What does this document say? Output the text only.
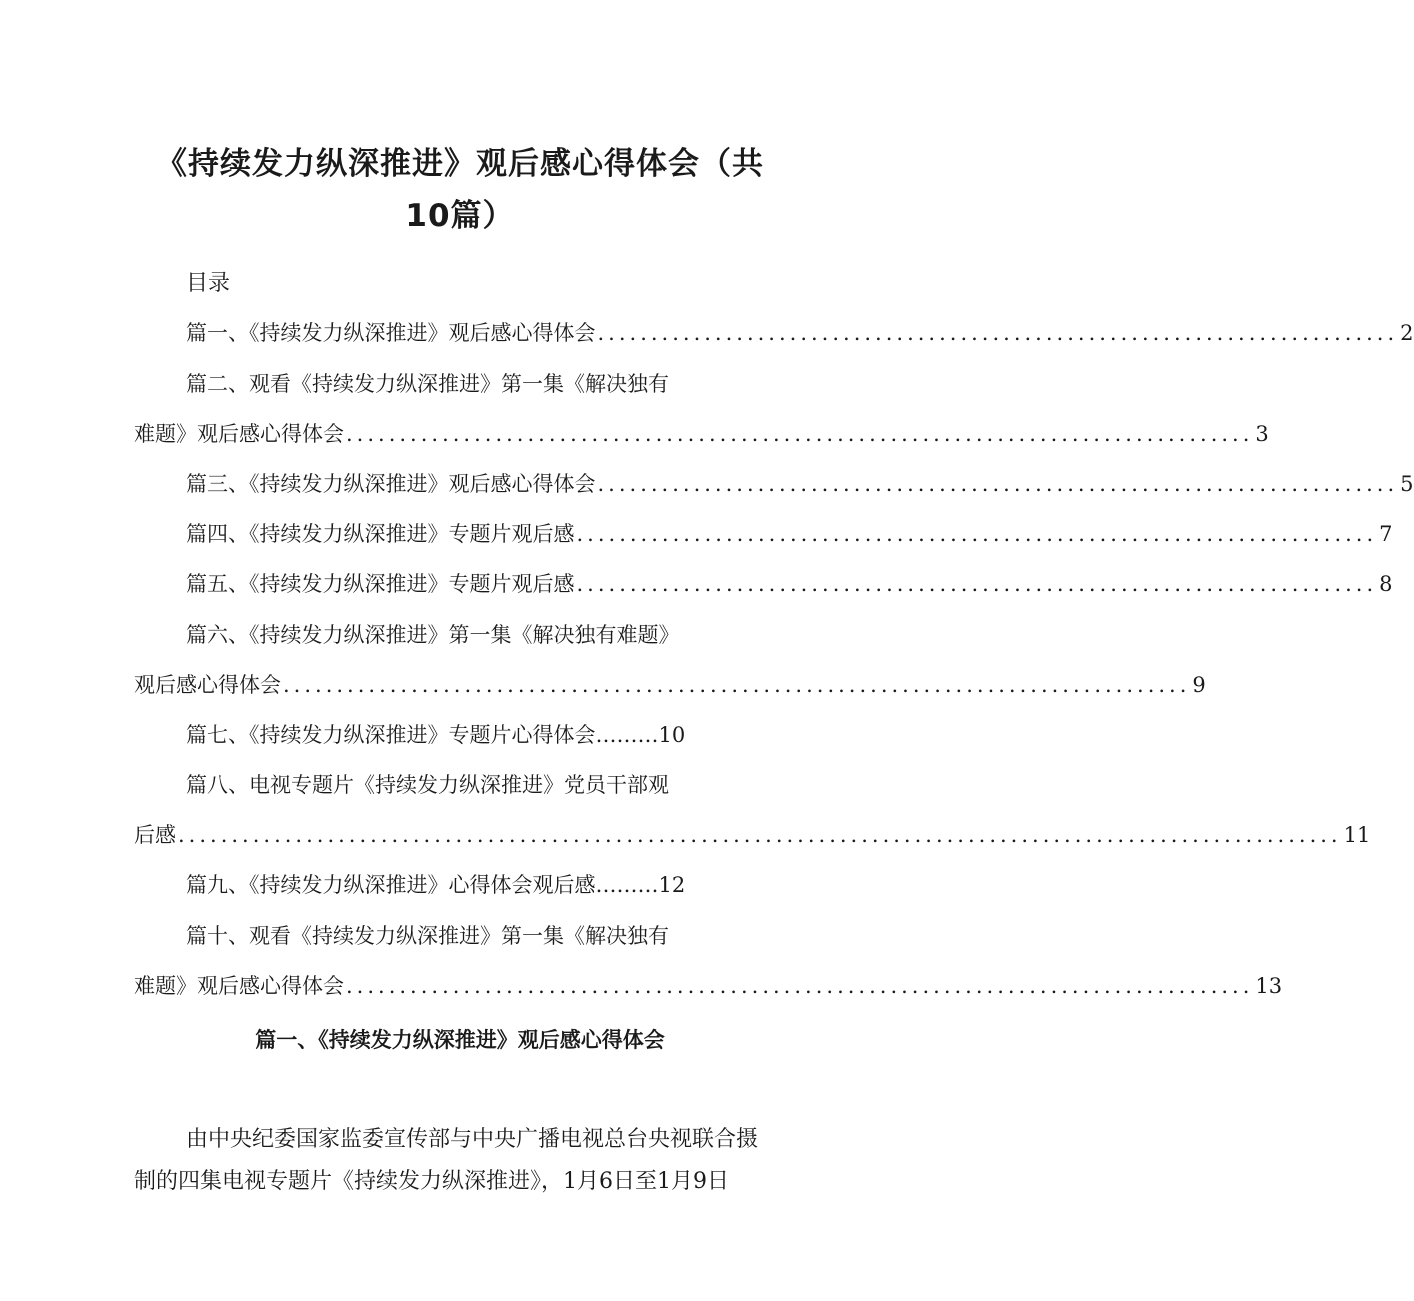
《持续发力纵深推进》观后感心得体会（共
10篇）
目录
篇一、《持续发力纵深推进》观后感心得体会 ........................................................................... 2
篇二、观看《持续发力纵深推进》第一集《解决独有
难题》观后感心得体会 ..................................................................................... 3
篇三、《持续发力纵深推进》观后感心得体会 ........................................................................... 5
篇四、《持续发力纵深推进》专题片观后感 ........................................................................... 7
篇五、《持续发力纵深推进》专题片观后感 ........................................................................... 8
篇六、《持续发力纵深推进》第一集《解决独有难题》
观后感心得体会 ..................................................................................... 9
篇七、《持续发力纵深推进》专题片心得体会………10
篇八、电视专题片《持续发力纵深推进》党员干部观
后感 ............................................................................................................. 11
篇九、《持续发力纵深推进》心得体会观后感………12
篇十、观看《持续发力纵深推进》第一集《解决独有
难题》观后感心得体会 ..................................................................................... 13
篇一、《持续发力纵深推进》观后感心得体会
由中央纪委国家监委宣传部与中央广播电视总台央视联合摄
制的四集电视专题片《持续发力纵深推进》，1月6日至1月9日
